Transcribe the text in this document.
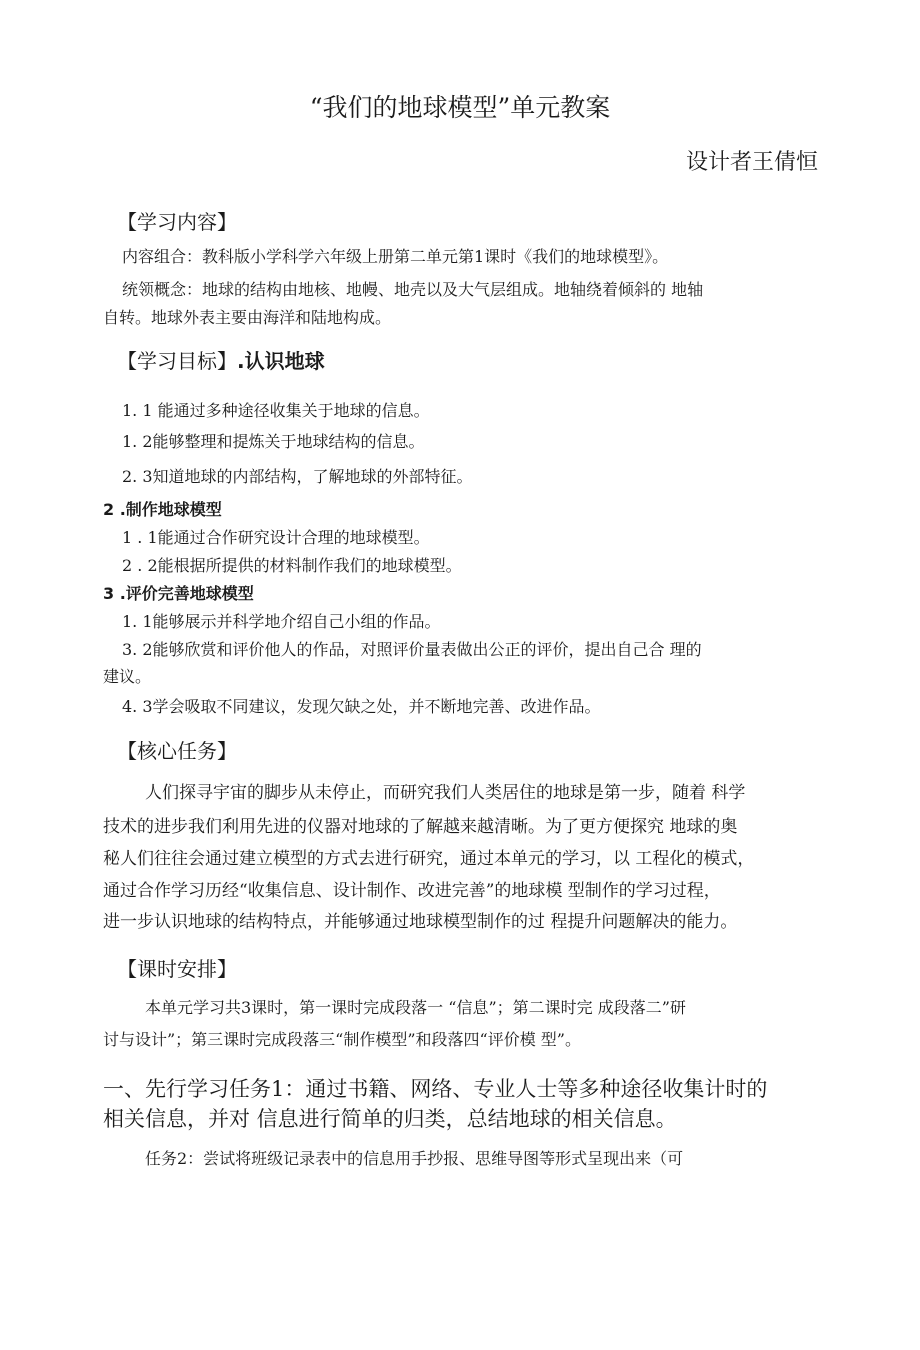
“我们的地球模型”单元教案
设计者王倩恒
【学习内容】
内容组合：教科版小学科学六年级上册第二单元第1课时《我们的地球模型》。
统领概念：地球的结构由地核、地幔、地壳以及大气层组成。地轴绕着倾斜的 地轴
自转。地球外表主要由海洋和陆地构成。
【学习目标】.认识地球
1. 1 能通过多种途径收集关于地球的信息。
1. 2能够整理和提炼关于地球结构的信息。
2. 3知道地球的内部结构，了解地球的外部特征。
2 .制作地球模型
1 . 1能通过合作研究设计合理的地球模型。
2 . 2能根据所提供的材料制作我们的地球模型。
3 .评价完善地球模型
1. 1能够展示并科学地介绍自己小组的作品。
3. 2能够欣赏和评价他人的作品，对照评价量表做出公正的评价，提出自己合 理的
建议。
4. 3学会吸取不同建议，发现欠缺之处，并不断地完善、改进作品。
【核心任务】
人们探寻宇宙的脚步从未停止，而研究我们人类居住的地球是第一步，随着 科学
技术的进步我们利用先进的仪器对地球的了解越来越清晰。为了更方便探究 地球的奥
秘人们往往会通过建立模型的方式去进行研究，通过本单元的学习，以 工程化的模式，
通过合作学习历经“收集信息、设计制作、改进完善”的地球模 型制作的学习过程，
进一步认识地球的结构特点，并能够通过地球模型制作的过 程提升问题解决的能力。
【课时安排】
本单元学习共3课时，第一课时完成段落一 “信息”；第二课时完 成段落二”研
讨与设计”；第三课时完成段落三“制作模型”和段落四“评价模 型”。
一、先行学习任务1：通过书籍、网络、专业人士等多种途径收集计时的
相关信息，并对 信息进行简单的归类，总结地球的相关信息。
任务2：尝试将班级记录表中的信息用手抄报、思维导图等形式呈现出来（可
